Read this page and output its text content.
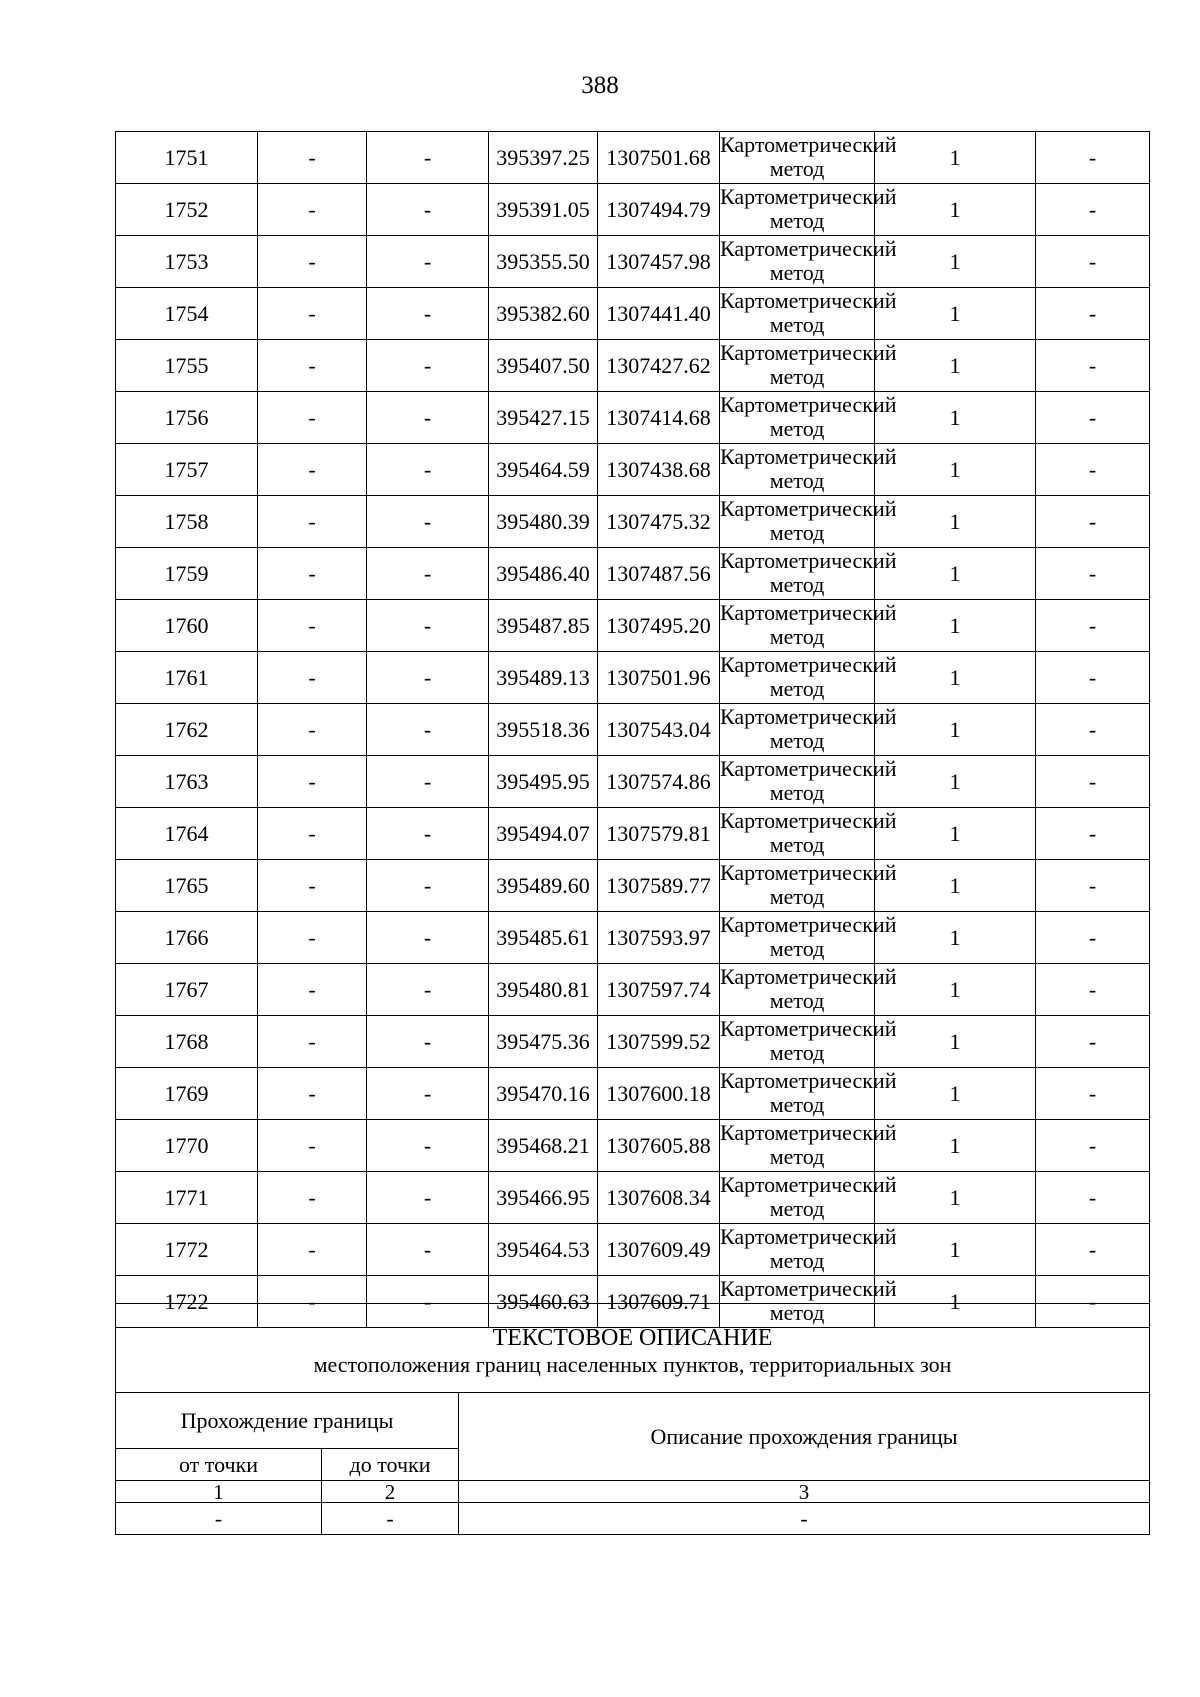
388
1751	-	-	395397.25	1307501.68	Картометрический метод	1	-
1752	-	-	395391.05	1307494.79	Картометрический метод	1	-
1753	-	-	395355.50	1307457.98	Картометрический метод	1	-
1754	-	-	395382.60	1307441.40	Картометрический метод	1	-
1755	-	-	395407.50	1307427.62	Картометрический метод	1	-
1756	-	-	395427.15	1307414.68	Картометрический метод	1	-
1757	-	-	395464.59	1307438.68	Картометрический метод	1	-
1758	-	-	395480.39	1307475.32	Картометрический метод	1	-
1759	-	-	395486.40	1307487.56	Картометрический метод	1	-
1760	-	-	395487.85	1307495.20	Картометрический метод	1	-
1761	-	-	395489.13	1307501.96	Картометрический метод	1	-
1762	-	-	395518.36	1307543.04	Картометрический метод	1	-
1763	-	-	395495.95	1307574.86	Картометрический метод	1	-
1764	-	-	395494.07	1307579.81	Картометрический метод	1	-
1765	-	-	395489.60	1307589.77	Картометрический метод	1	-
1766	-	-	395485.61	1307593.97	Картометрический метод	1	-
1767	-	-	395480.81	1307597.74	Картометрический метод	1	-
1768	-	-	395475.36	1307599.52	Картометрический метод	1	-
1769	-	-	395470.16	1307600.18	Картометрический метод	1	-
1770	-	-	395468.21	1307605.88	Картометрический метод	1	-
1771	-	-	395466.95	1307608.34	Картометрический метод	1	-
1772	-	-	395464.53	1307609.49	Картометрический метод	1	-
1722	-	-	395460.63	1307609.71	Картометрический метод	1	-
ТЕКСТОВОЕ ОПИСАНИЕ
местоположения границ населенных пунктов, территориальных зон		

Прохождение границы		Описание прохождения границы
от точки	до точки	
1	2	3
-	-	-
